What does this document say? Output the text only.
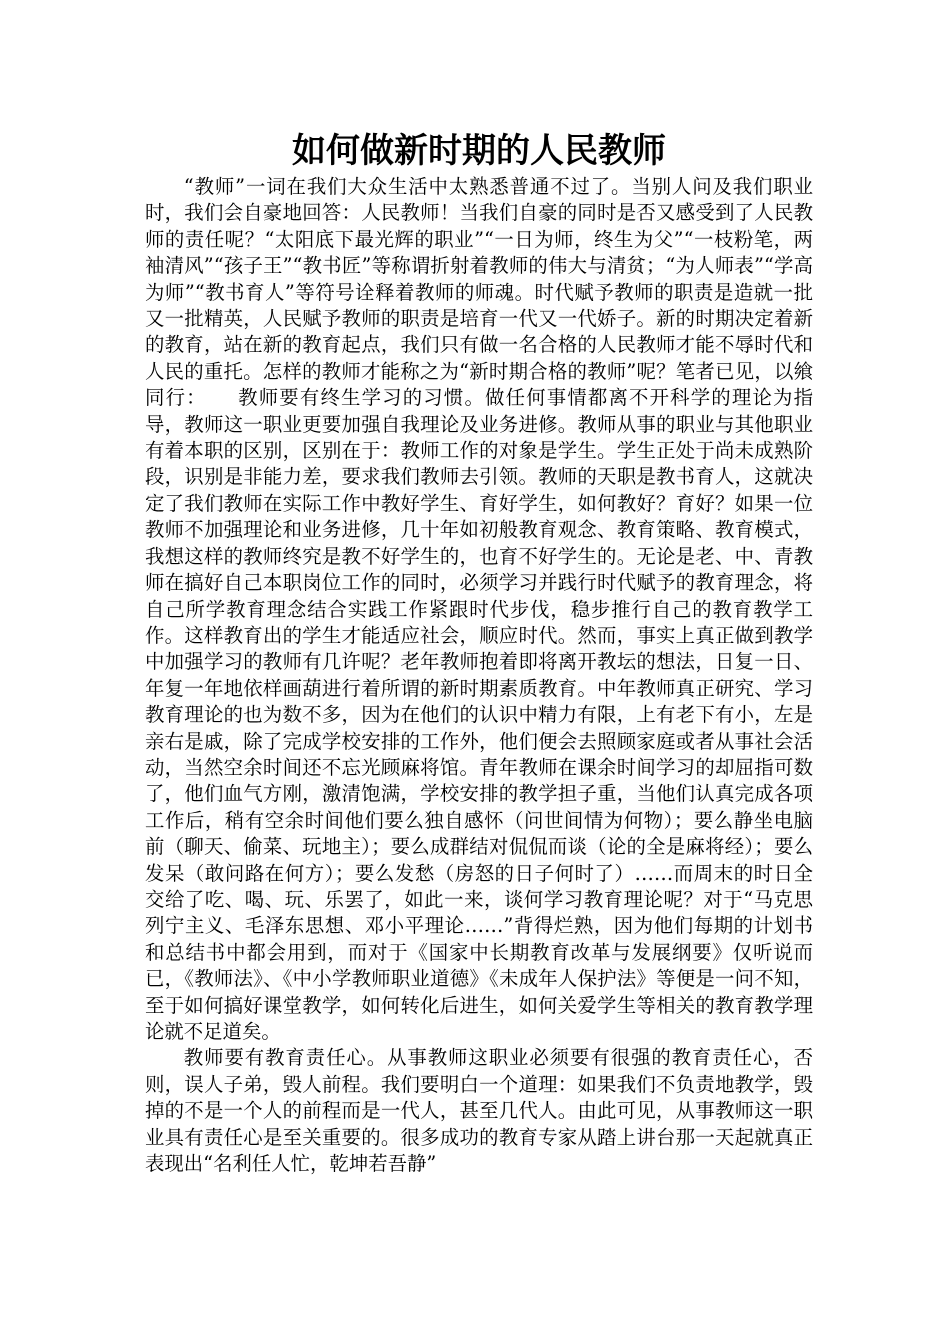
如何做新时期的人民教师

“教师”一词在我们大众生活中太熟悉普通不过了。当别人问及我们职业时，我们会自豪地回答：人民教师！当我们自豪的同时是否又感受到了人民教师的责任呢？“太阳底下最光辉的职业”“一日为师，终生为父”“一枝粉笔，两袖清风”“孩子王”“教书匠”等称谓折射着教师的伟大与清贫；“为人师表”“学高为师”“教书育人”等符号诠释着教师的师魂。时代赋予教师的职责是造就一批又一批精英，人民赋予教师的职责是培育一代又一代娇子。新的时期决定着新的教育，站在新的教育起点，我们只有做一名合格的人民教师才能不辱时代和人民的重托。怎样的教师才能称之为“新时期合格的教师”呢？笔者已见，以飨同行：　　教师要有终生学习的习惯。做任何事情都离不开科学的理论为指导，教师这一职业更要加强自我理论及业务进修。教师从事的职业与其他职业有着本职的区别，区别在于：教师工作的对象是学生。学生正处于尚未成熟阶段，识别是非能力差，要求我们教师去引领。教师的天职是教书育人，这就决定了我们教师在实际工作中教好学生、育好学生，如何教好？育好？如果一位教师不加强理论和业务进修，几十年如初般教育观念、教育策略、教育模式，我想这样的教师终究是教不好学生的，也育不好学生的。无论是老、中、青教师在搞好自己本职岗位工作的同时，必须学习并践行时代赋予的教育理念，将自己所学教育理念结合实践工作紧跟时代步伐，稳步推行自己的教育教学工作。这样教育出的学生才能适应社会，顺应时代。然而，事实上真正做到教学中加强学习的教师有几许呢？老年教师抱着即将离开教坛的想法，日复一日、年复一年地依样画葫进行着所谓的新时期素质教育。中年教师真正研究、学习教育理论的也为数不多，因为在他们的认识中精力有限，上有老下有小，左是亲右是戚，除了完成学校安排的工作外，他们便会去照顾家庭或者从事社会活动，当然空余时间还不忘光顾麻将馆。青年教师在课余时间学习的却屈指可数了，他们血气方刚，激清饱满，学校安排的教学担子重，当他们认真完成各项工作后，稍有空余时间他们要么独自感怀（问世间情为何物）；要么静坐电脑前（聊天、偷菜、玩地主）；要么成群结对侃侃而谈（论的全是麻将经）；要么发呆（敢问路在何方）；要么发愁（房怒的日子何时了）……而周末的时日全交给了吃、喝、玩、乐罢了，如此一来，谈何学习教育理论呢？对于“马克思列宁主义、毛泽东思想、邓小平理论……”背得烂熟，因为他们每期的计划书和总结书中都会用到，而对于《国家中长期教育改革与发展纲要》仅听说而已，《教师法》、《中小学教师职业道德》《未成年人保护法》等便是一问不知，至于如何搞好课堂教学，如何转化后进生，如何关爱学生等相关的教育教学理论就不足道矣。

教师要有教育责任心。从事教师这职业必须要有很强的教育责任心，否则，误人子弟，毁人前程。我们要明白一个道理：如果我们不负责地教学，毁掉的不是一个人的前程而是一代人，甚至几代人。由此可见，从事教师这一职业具有责任心是至关重要的。很多成功的教育专家从踏上讲台那一天起就真正表现出“名利任人忙，乾坤若吾静”
